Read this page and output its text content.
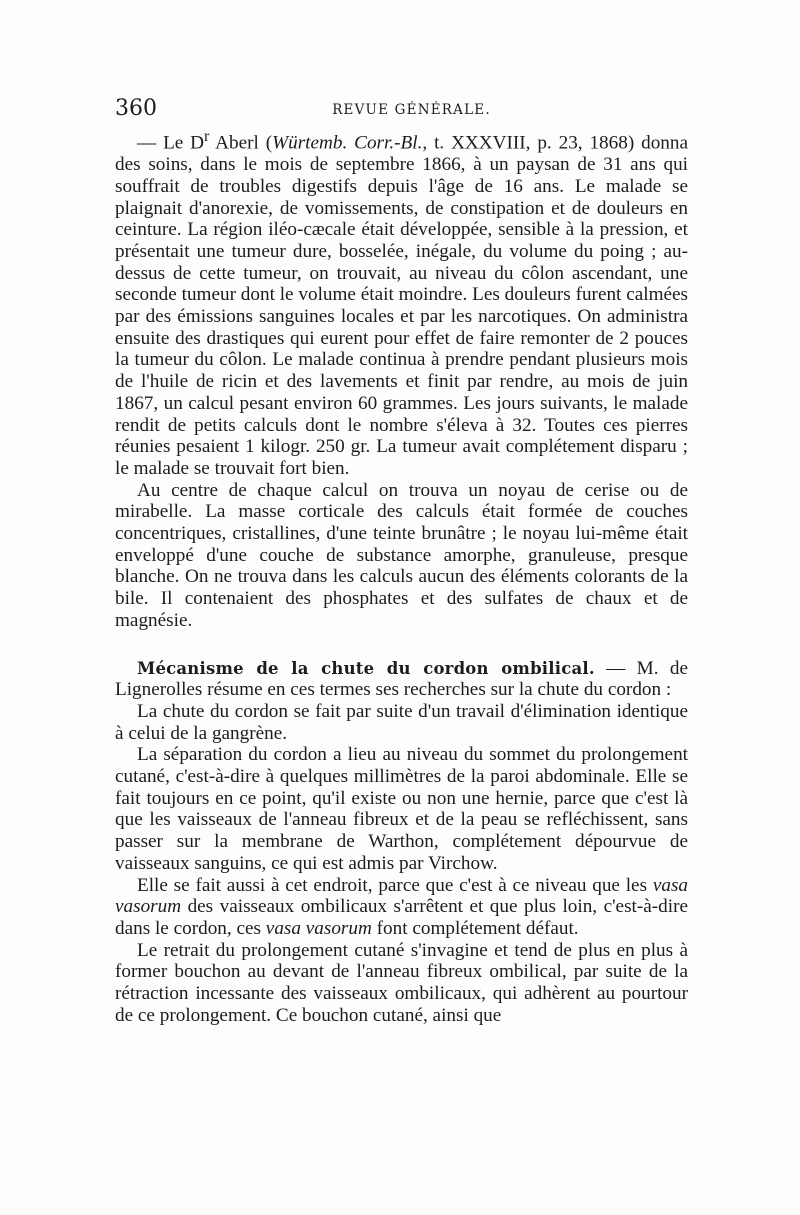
360	REVUE GÉNÉRALE.

— Le $D^r$ Aberl (Würtemb. Corr.-Bl., t. XXXVIII, p. 23, 1868) donna des soins, dans le mois de septembre 1866, à un paysan de 31 ans qui souffrait de troubles digestifs depuis l'âge de 16 ans. Le malade se plaignait d'anorexie, de vomissements, de constipation et de douleurs en ceinture. La région iléo-cæcale était développée, sensible à la pression, et présentait une tumeur dure, bosselée, inégale, du volume du poing ; au-dessus de cette tumeur, on trouvait, au niveau du côlon ascendant, une seconde tumeur dont le volume était moindre. Les douleurs furent calmées par des émissions sanguines locales et par les narcotiques. On administra ensuite des drastiques qui eurent pour effet de faire remonter de 2 pouces la tumeur du côlon. Le malade continua à prendre pendant plusieurs mois de l'huile de ricin et des lavements et finit par rendre, au mois de juin 1867, un calcul pesant environ 60 grammes. Les jours suivants, le malade rendit de petits calculs dont le nombre s'éleva à 32. Toutes ces pierres réunies pesaient 1 kilogr. 250 gr. La tumeur avait complétement disparu ; le malade se trouvait fort bien.

Au centre de chaque calcul on trouva un noyau de cerise ou de mirabelle. La masse corticale des calculs était formée de couches concentriques, cristallines, d'une teinte brunâtre ; le noyau lui-même était enveloppé d'une couche de substance amorphe, granuleuse, presque blanche. On ne trouva dans les calculs aucun des éléments colorants de la bile. Il contenaient des phosphates et des sulfates de chaux et de magnésie.

Mécanisme de la chute du cordon ombilical. — M. de Lignerolles résume en ces termes ses recherches sur la chute du cordon :

La chute du cordon se fait par suite d'un travail d'élimination identique à celui de la gangrène.

La séparation du cordon a lieu au niveau du sommet du prolongement cutané, c'est-à-dire à quelques millimètres de la paroi abdominale. Elle se fait toujours en ce point, qu'il existe ou non une hernie, parce que c'est là que les vaisseaux de l'anneau fibreux et de la peau se refléchissent, sans passer sur la membrane de Warthon, complétement dépourvue de vaisseaux sanguins, ce qui est admis par Virchow.

Elle se fait aussi à cet endroit, parce que c'est à ce niveau que les vasa vasorum des vaisseaux ombilicaux s'arrêtent et que plus loin, c'est-à-dire dans le cordon, ces vasa vasorum font complétement défaut.

Le retrait du prolongement cutané s'invagine et tend de plus en plus à former bouchon au devant de l'anneau fibreux ombilical, par suite de la rétraction incessante des vaisseaux ombilicaux, qui adhèrent au pourtour de ce prolongement. Ce bouchon cutané, ainsi que
